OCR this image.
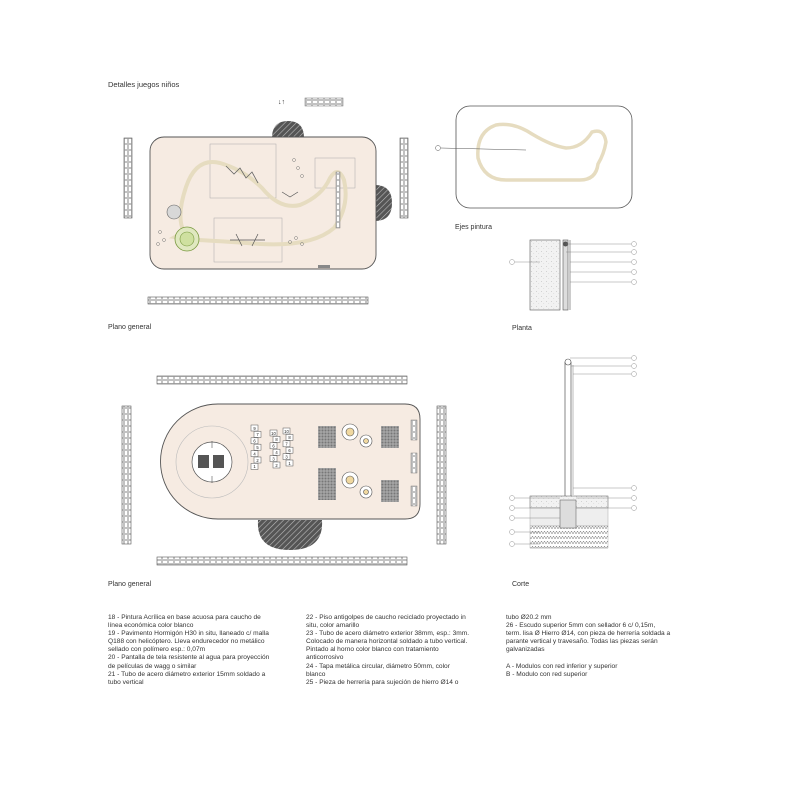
Detalles juegos niños
↓↑
Plano general
Ejes pintura
Planta
Plano general	Corte
9
7
6
5
4
2
1
10
8
6
4
3
2
10
8
7
6
3
1
18 - Pintura Acrílica en base acuosa para caucho de
línea económica color blanco
19 - Pavimento Hormigón H30 in situ, llaneado c/ malla
Q188 con helicóptero. Lleva endurecedor no metálico
sellado con polímero esp.: 0,07m
20 - Pantalla de tela resistente al agua para proyección
de películas de wagg o similar
21 - Tubo de acero diámetro exterior 15mm soldado a
tubo vertical
22 - Piso antigolpes de caucho reciclado proyectado in
situ, color amarillo
23 - Tubo de acero diámetro exterior 38mm, esp.: 3mm.
Colocado de manera horizontal soldado a tubo vertical.
Pintado al horno color blanco con tratamiento
anticorrosivo
24 - Tapa metálica circular, diámetro 50mm, color
blanco
25 - Pieza de herrería para sujeción de hierro Ø14 o
tubo Ø20.2 mm
26 - Escudo superior 5mm con sellador 6 c/ 0,15m,
term. lisa Ø Hierro Ø14, con pieza de herrería soldada a
parante vertical y travesaño. Todas las piezas serán
galvanizadas

A - Modulos con red inferior y superior
B - Modulo con red superior
